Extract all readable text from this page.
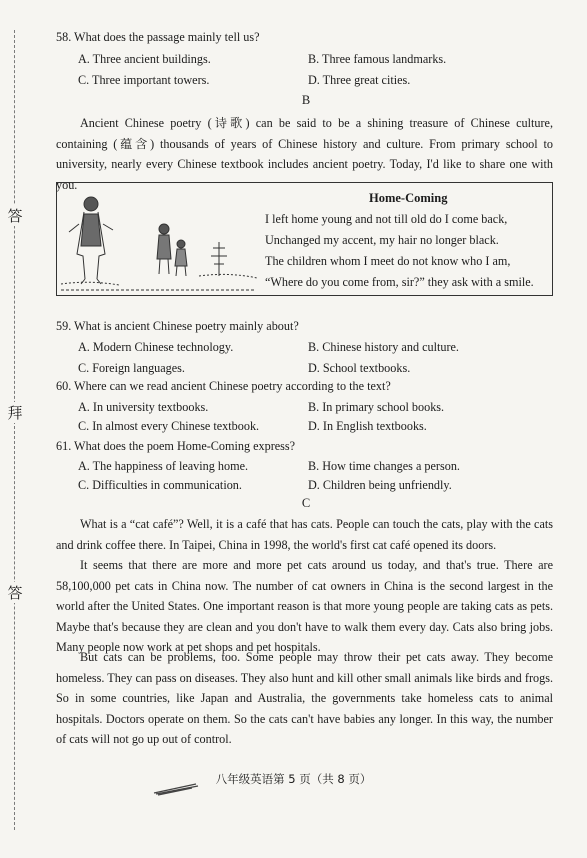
答
拜
答
58. What does the passage mainly tell us?
A. Three ancient buildings.	B. Three famous landmarks.
C. Three important towers.	D. Three great cities.
B
Ancient Chinese poetry (诗歌) can be said to be a shining treasure of Chinese culture, containing (蕴含) thousands of years of Chinese history and culture. From primary school to university, nearly every Chinese textbook includes ancient poetry. Today, I'd like to share one with you.
Home-Coming
I left home young and not till old do I come back,
Unchanged my accent, my hair no longer black.
The children whom I meet do not know who I am,
“Where do you come from, sir?” they ask with a smile.
59. What is ancient Chinese poetry mainly about?
A. Modern Chinese technology.	B. Chinese history and culture.
C. Foreign languages.	D. School textbooks.
60. Where can we read ancient Chinese poetry according to the text?
A. In university textbooks.	B. In primary school books.
C. In almost every Chinese textbook.	D. In English textbooks.
61. What does the poem Home-Coming express?
A. The happiness of leaving home.	B. How time changes a person.
C. Difficulties in communication.	D. Children being unfriendly.
C
What is a “cat café”? Well, it is a café that has cats. People can touch the cats, play with the cats and drink coffee there. In Taipei, China in 1998, the world's first cat café opened its doors.
It seems that there are more and more pet cats around us today, and that's true. There are 58,100,000 pet cats in China now. The number of cat owners in China is the second largest in the world after the United States. One important reason is that more young people are taking cats as pets. Maybe that's because they are clean and you don't have to walk them every day. Cats also bring jobs. Many people now work at pet shops and pet hospitals.
But cats can be problems, too. Some people may throw their pet cats away. They become homeless. They can pass on diseases. They also hunt and kill other small animals like birds and frogs. So in some countries, like Japan and Australia, the governments take homeless cats to animal hospitals. Doctors operate on them. So the cats can't have babies any longer. In this way, the number of cats will not go up out of control.
八年级英语第 5 页（共 8 页）
